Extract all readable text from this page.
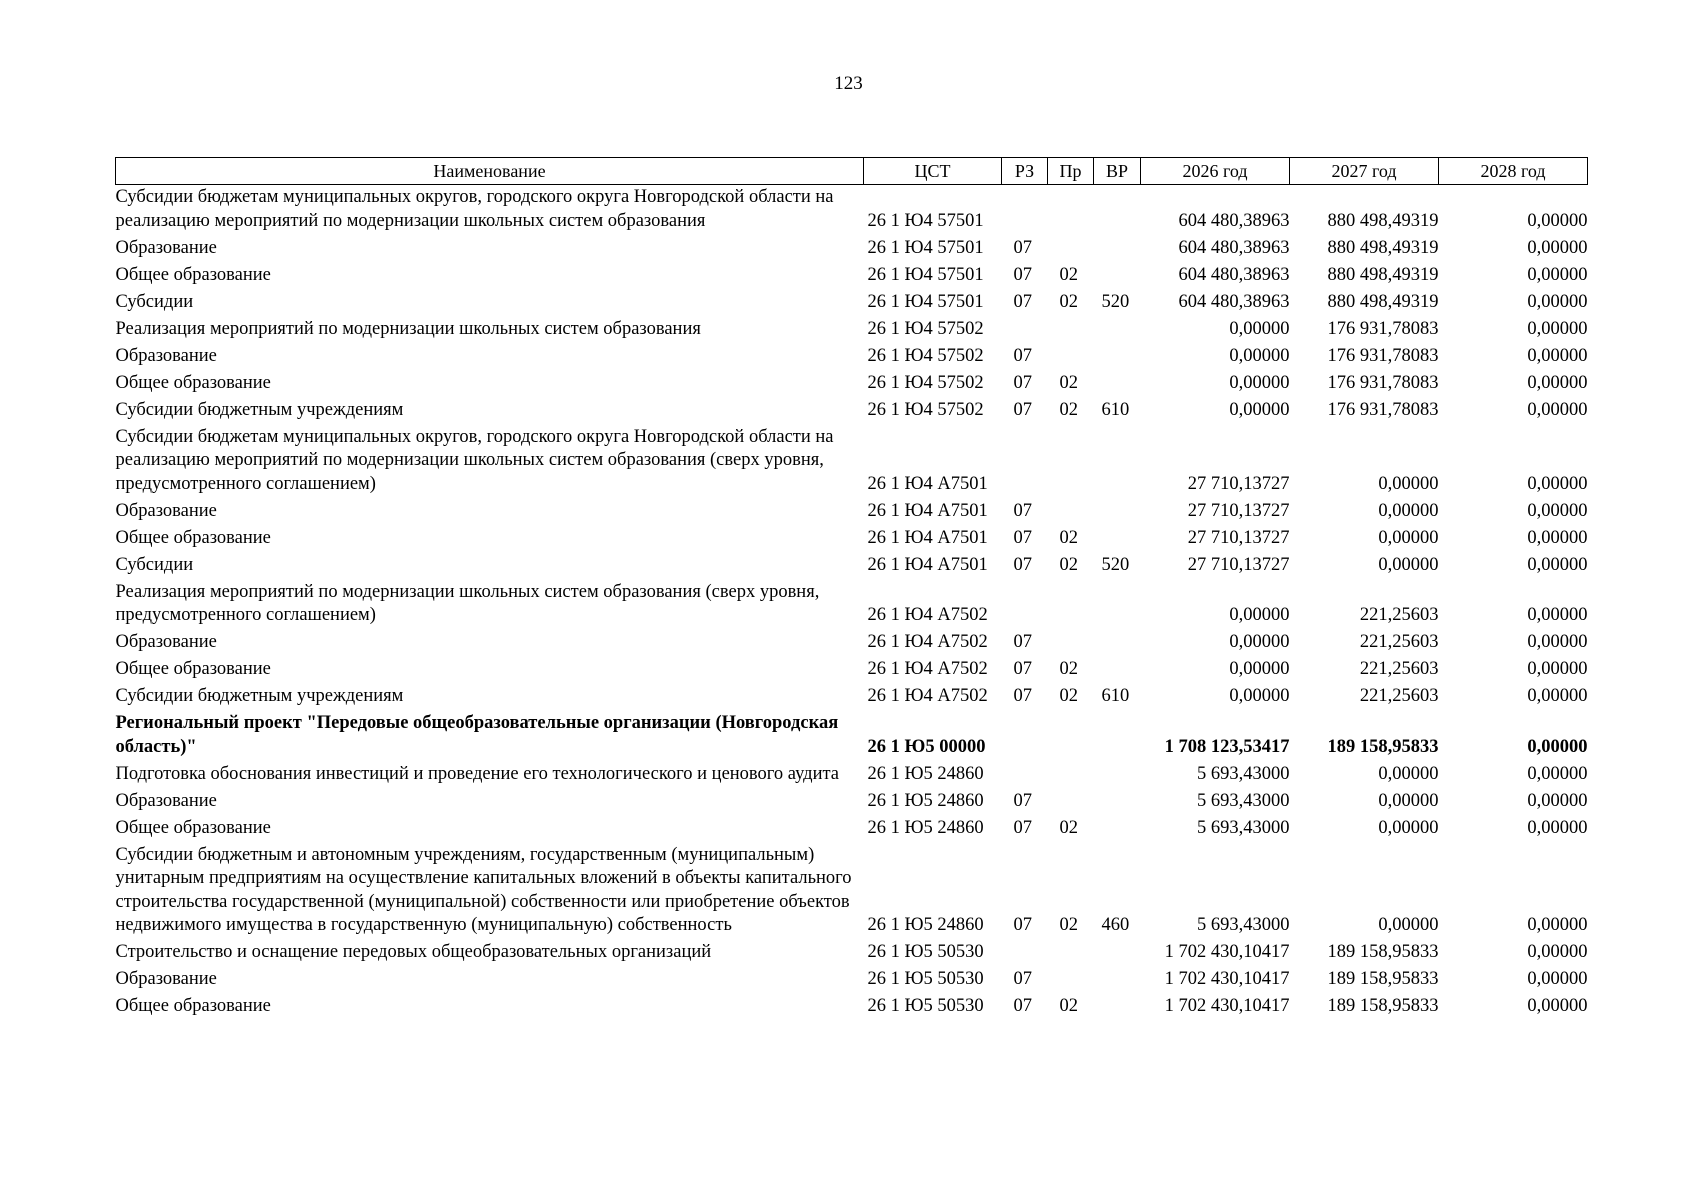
123
Наименование	ЦСТ	РЗ	Пр	ВР	2026 год	2027 год	2028 год
Субсидии бюджетам муниципальных округов, городского округа Новгородской области на реализацию мероприятий по модернизации школьных систем образования	26 1 Ю4 57501				604 480,38963	880 498,49319	0,00000
Образование	26 1 Ю4 57501	07			604 480,38963	880 498,49319	0,00000
Общее образование	26 1 Ю4 57501	07	02		604 480,38963	880 498,49319	0,00000
Субсидии	26 1 Ю4 57501	07	02	520	604 480,38963	880 498,49319	0,00000
Реализация мероприятий по модернизации школьных систем образования	26 1 Ю4 57502				0,00000	176 931,78083	0,00000
Образование	26 1 Ю4 57502	07			0,00000	176 931,78083	0,00000
Общее образование	26 1 Ю4 57502	07	02		0,00000	176 931,78083	0,00000
Субсидии бюджетным учреждениям	26 1 Ю4 57502	07	02	610	0,00000	176 931,78083	0,00000
Субсидии бюджетам муниципальных округов, городского округа Новгородской области на реализацию мероприятий по модернизации школьных систем образования (сверх уровня, предусмотренного соглашением)	26 1 Ю4 А7501				27 710,13727	0,00000	0,00000
Образование	26 1 Ю4 А7501	07			27 710,13727	0,00000	0,00000
Общее образование	26 1 Ю4 А7501	07	02		27 710,13727	0,00000	0,00000
Субсидии	26 1 Ю4 А7501	07	02	520	27 710,13727	0,00000	0,00000
Реализация мероприятий по модернизации школьных систем образования (сверх уровня, предусмотренного соглашением)	26 1 Ю4 А7502				0,00000	221,25603	0,00000
Образование	26 1 Ю4 А7502	07			0,00000	221,25603	0,00000
Общее образование	26 1 Ю4 А7502	07	02		0,00000	221,25603	0,00000
Субсидии бюджетным учреждениям	26 1 Ю4 А7502	07	02	610	0,00000	221,25603	0,00000
Региональный проект "Передовые общеобразовательные организации (Новгородская область)"	26 1 Ю5 00000				1 708 123,53417	189 158,95833	0,00000
Подготовка обоснования инвестиций и проведение его технологического и ценового аудита	26 1 Ю5 24860				5 693,43000	0,00000	0,00000
Образование	26 1 Ю5 24860	07			5 693,43000	0,00000	0,00000
Общее образование	26 1 Ю5 24860	07	02		5 693,43000	0,00000	0,00000
Субсидии бюджетным и автономным учреждениям, государственным (муниципальным) унитарным предприятиям на осуществление капитальных вложений в объекты капитального строительства государственной (муниципальной) собственности или приобретение объектов недвижимого имущества в государственную (муниципальную) собственность	26 1 Ю5 24860	07	02	460	5 693,43000	0,00000	0,00000
Строительство и оснащение передовых общеобразовательных организаций	26 1 Ю5 50530				1 702 430,10417	189 158,95833	0,00000
Образование	26 1 Ю5 50530	07			1 702 430,10417	189 158,95833	0,00000
Общее образование	26 1 Ю5 50530	07	02		1 702 430,10417	189 158,95833	0,00000
